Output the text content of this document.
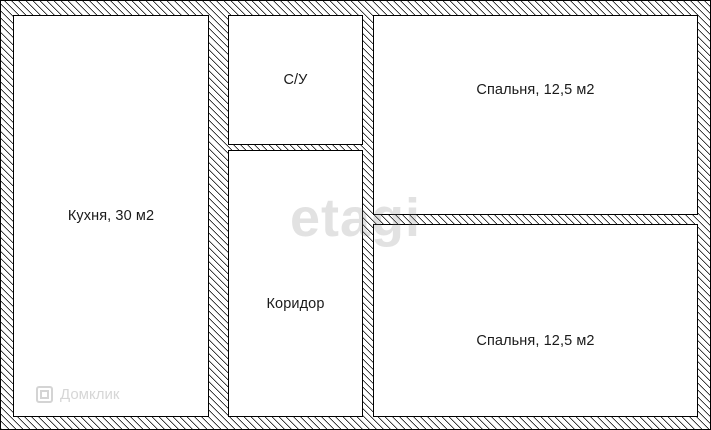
Кухня, 30 м2
С/У
Коридор
Спальня, 12,5 м2
Спальня, 12,5 м2
etagi
Домклик
